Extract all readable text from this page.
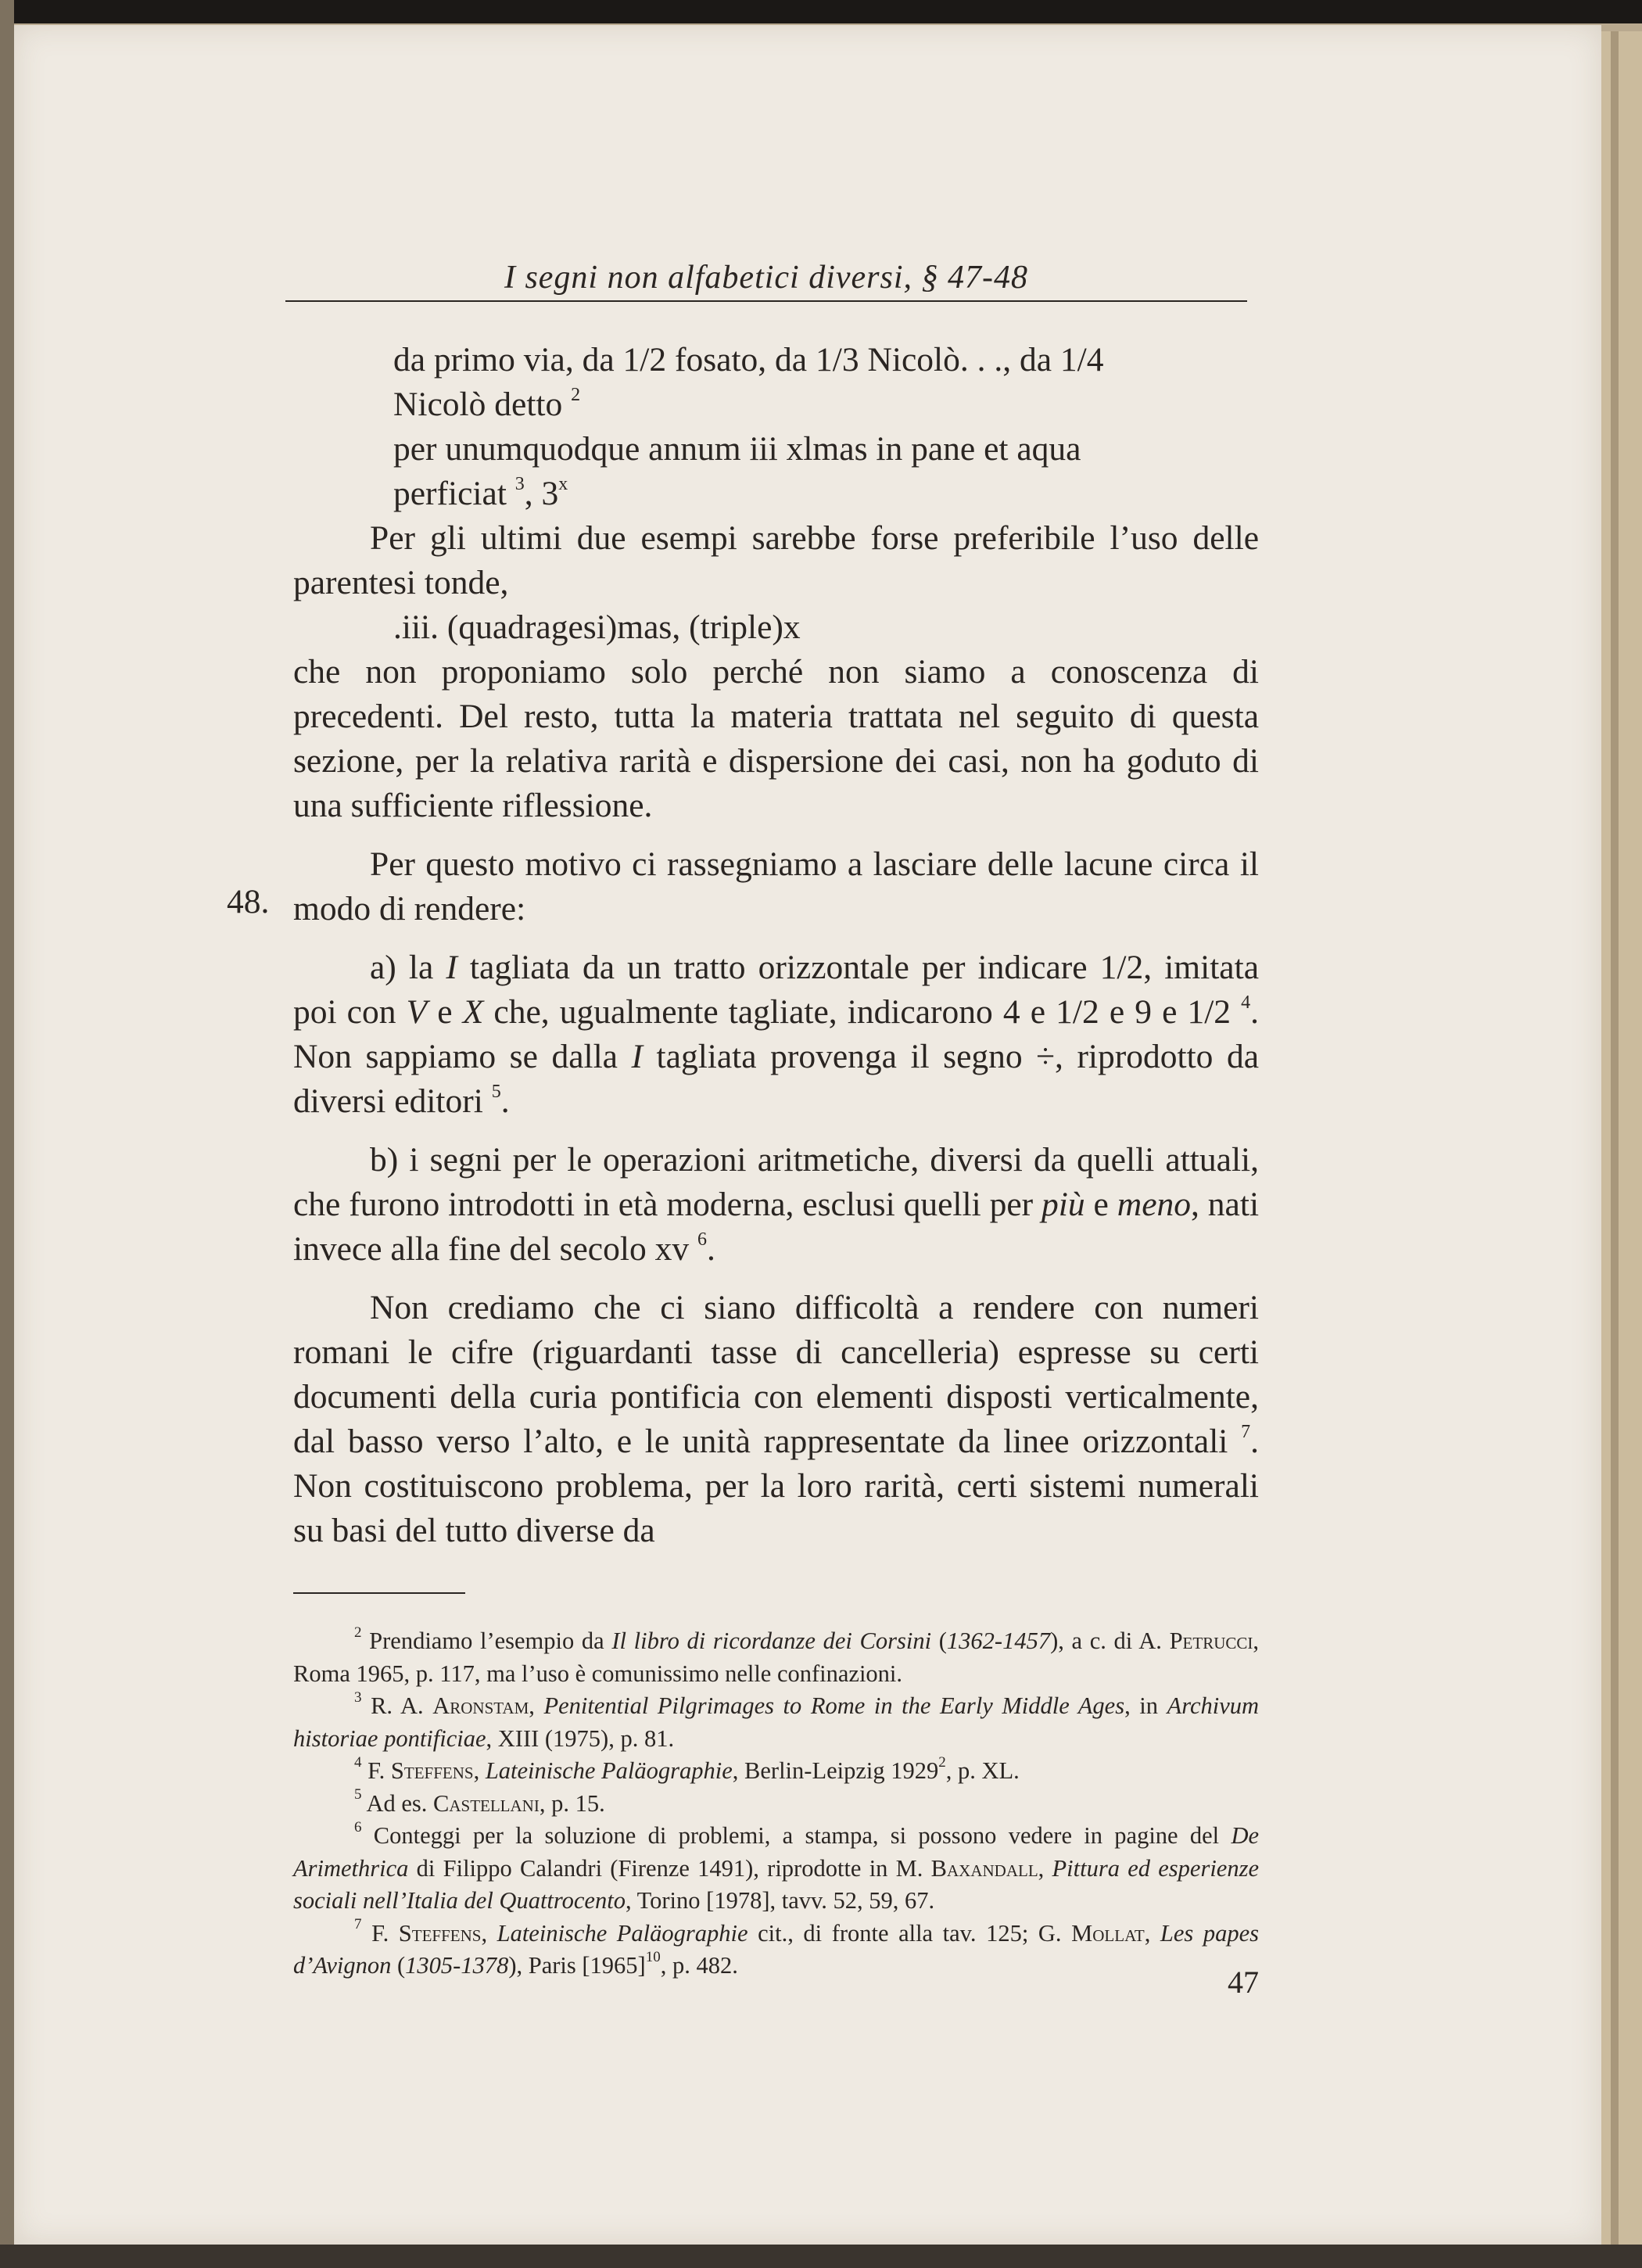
I segni non alfabetici diversi, § 47-48
48.

da primo via, da 1/2 fosato, da 1/3 Nicolò. . ., da 1/4
Nicolò detto $^2$

per unumquodque annum iii xlmas in pane et aqua
perficiat $^3$, 3$^x$

Per gli ultimi due esempi sarebbe forse preferibile l’uso delle parentesi tonde,

.iii. (quadragesi)mas, (triple)x

che non proponiamo solo perché non siamo a conoscenza di precedenti. Del resto, tutta la materia trattata nel seguito di questa sezione, per la relativa rarità e dispersione dei casi, non ha goduto di una sufficiente riflessione.

Per questo motivo ci rassegniamo a lasciare delle lacune circa il modo di rendere:

a) la I tagliata da un tratto orizzontale per indicare 1/2, imitata poi con V e X che, ugualmente tagliate, indicarono 4 e 1/2 e 9 e 1/2 $^4$. Non sappiamo se dalla I tagliata provenga il segno ÷, riprodotto da diversi editori $^5$.

b) i segni per le operazioni aritmetiche, diversi da quelli attuali, che furono introdotti in età moderna, esclusi quelli per più e meno, nati invece alla fine del secolo xv $^6$.

Non crediamo che ci siano difficoltà a rendere con numeri romani le cifre (riguardanti tasse di cancelleria) espresse su certi documenti della curia pontificia con elementi disposti verticalmente, dal basso verso l’alto, e le unità rappresentate da linee orizzontali $^7$. Non costituiscono problema, per la loro rarità, certi sistemi numerali su basi del tutto diverse da

$^2$ Prendiamo l’esempio da Il libro di ricordanze dei Corsini (1362-1457), a c. di A. Petrucci, Roma 1965, p. 117, ma l’uso è comunissimo nelle confinazioni.

$^3$ R. A. Aronstam, Penitential Pilgrimages to Rome in the Early Middle Ages, in Archivum historiae pontificiae, XIII (1975), p. 81.

$^4$ F. Steffens, Lateinische Paläographie, Berlin-Leipzig 1929$^2$, p. XL.

$^5$ Ad es. Castellani, p. 15.

$^6$ Conteggi per la soluzione di problemi, a stampa, si possono vedere in pagine del De Arimethrica di Filippo Calandri (Firenze 1491), riprodotte in M. Baxandall, Pittura ed esperienze sociali nell’Italia del Quattrocento, Torino [1978], tavv. 52, 59, 67.

$^7$ F. Steffens, Lateinische Paläographie cit., di fronte alla tav. 125; G. Mollat, Les papes d’Avignon (1305-1378), Paris $[1965]^{10}$, p. 482.	47
